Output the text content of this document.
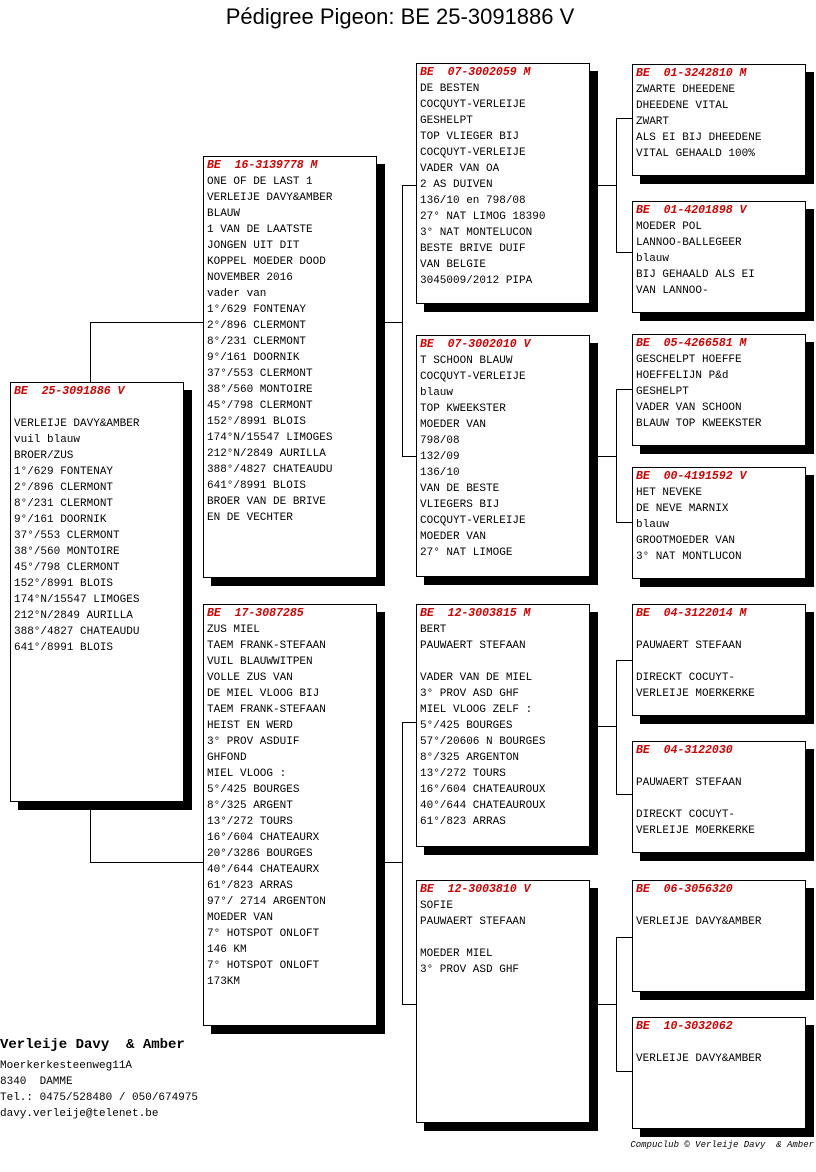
Pédigree Pigeon: BE 25-3091886 V
BE  25-3091886 V
VERLEIJE DAVY&AMBER
vuil blauw
BROER/ZUS
1°/629 FONTENAY
2°/896 CLERMONT
8°/231 CLERMONT
9°/161 DOORNIK
37°/553 CLERMONT
38°/560 MONTOIRE
45°/798 CLERMONT
152°/8991 BLOIS
174°N/15547 LIMOGES
212°N/2849 AURILLA
388°/4827 CHATEAUDU
641°/8991 BLOIS
BE  16-3139778 M
ONE OF DE LAST 1
VERLEIJE DAVY&AMBER
BLAUW
1 VAN DE LAATSTE
JONGEN UIT DIT
KOPPEL MOEDER DOOD
NOVEMBER 2016
vader van
1°/629 FONTENAY
2°/896 CLERMONT
8°/231 CLERMONT
9°/161 DOORNIK
37°/553 CLERMONT
38°/560 MONTOIRE
45°/798 CLERMONT
152°/8991 BLOIS
174°N/15547 LIMOGES
212°N/2849 AURILLA
388°/4827 CHATEAUDU
641°/8991 BLOIS
BROER VAN DE BRIVE
EN DE VECHTER
BE  17-3087285
ZUS MIEL
TAEM FRANK-STEFAAN
VUIL BLAUWWITPEN
VOLLE ZUS VAN
DE MIEL VLOOG BIJ
TAEM FRANK-STEFAAN
HEIST EN WERD
3° PROV ASDUIF
GHFOND
MIEL VLOOG :
5°/425 BOURGES
8°/325 ARGENT
13°/272 TOURS
16°/604 CHATEAURX
20°/3286 BOURGES
40°/644 CHATEAURX
61°/823 ARRAS
97°/ 2714 ARGENTON
MOEDER VAN
7° HOTSPOT ONLOFT
146 KM
7° HOTSPOT ONLOFT
173KM
BE  07-3002059 M
DE BESTEN
COCQUYT-VERLEIJE
GESHELPT
TOP VLIEGER BIJ
COCQUYT-VERLEIJE
VADER VAN OA
2 AS DUIVEN
136/10 en 798/08
27° NAT LIMOG 18390
3° NAT MONTELUCON
BESTE BRIVE DUIF
VAN BELGIE
3045009/2012 PIPA
BE  07-3002010 V
T SCHOON BLAUW
COCQUYT-VERLEIJE
blauw
TOP KWEEKSTER
MOEDER VAN
798/08
132/09
136/10
VAN DE BESTE
VLIEGERS BIJ
COCQUYT-VERLEIJE
MOEDER VAN
27° NAT LIMOGE
BE  12-3003815 M
BERT
PAUWAERT STEFAAN
VADER VAN DE MIEL
3° PROV ASD GHF
MIEL VLOOG ZELF :
5°/425 BOURGES
57°/20606 N BOURGES
8°/325 ARGENTON
13°/272 TOURS
16°/604 CHATEAUROUX
40°/644 CHATEAUROUX
61°/823 ARRAS
BE  12-3003810 V
SOFIE
PAUWAERT STEFAAN
MOEDER MIEL
3° PROV ASD GHF
BE  01-3242810 M
ZWARTE DHEEDENE
DHEEDENE VITAL
ZWART
ALS EI BIJ DHEEDENE
VITAL GEHAALD 100%
BE  01-4201898 V
MOEDER POL
LANNOO-BALLEGEER
blauw
BIJ GEHAALD ALS EI
VAN LANNOO-
BE  05-4266581 M
GESCHELPT HOEFFE
HOEFFELIJN P&d
GESHELPT
VADER VAN SCHOON
BLAUW TOP KWEEKSTER
BE  00-4191592 V
HET NEVEKE
DE NEVE MARNIX
blauw
GROOTMOEDER VAN
3° NAT MONTLUCON
BE  04-3122014 M
PAUWAERT STEFAAN
DIRECKT COCUYT-
VERLEIJE MOERKERKE
BE  04-3122030
PAUWAERT STEFAAN
DIRECKT COCUYT-
VERLEIJE MOERKERKE
BE  06-3056320
VERLEIJE DAVY&AMBER
BE  10-3032062
VERLEIJE DAVY&AMBER
Verleije Davy  & Amber
Moerkerkesteenweg11A
8340  DAMME
Tel.: 0475/528480 / 050/674975
davy.verleije@telenet.be
Compuclub © Verleije Davy  & Amber
